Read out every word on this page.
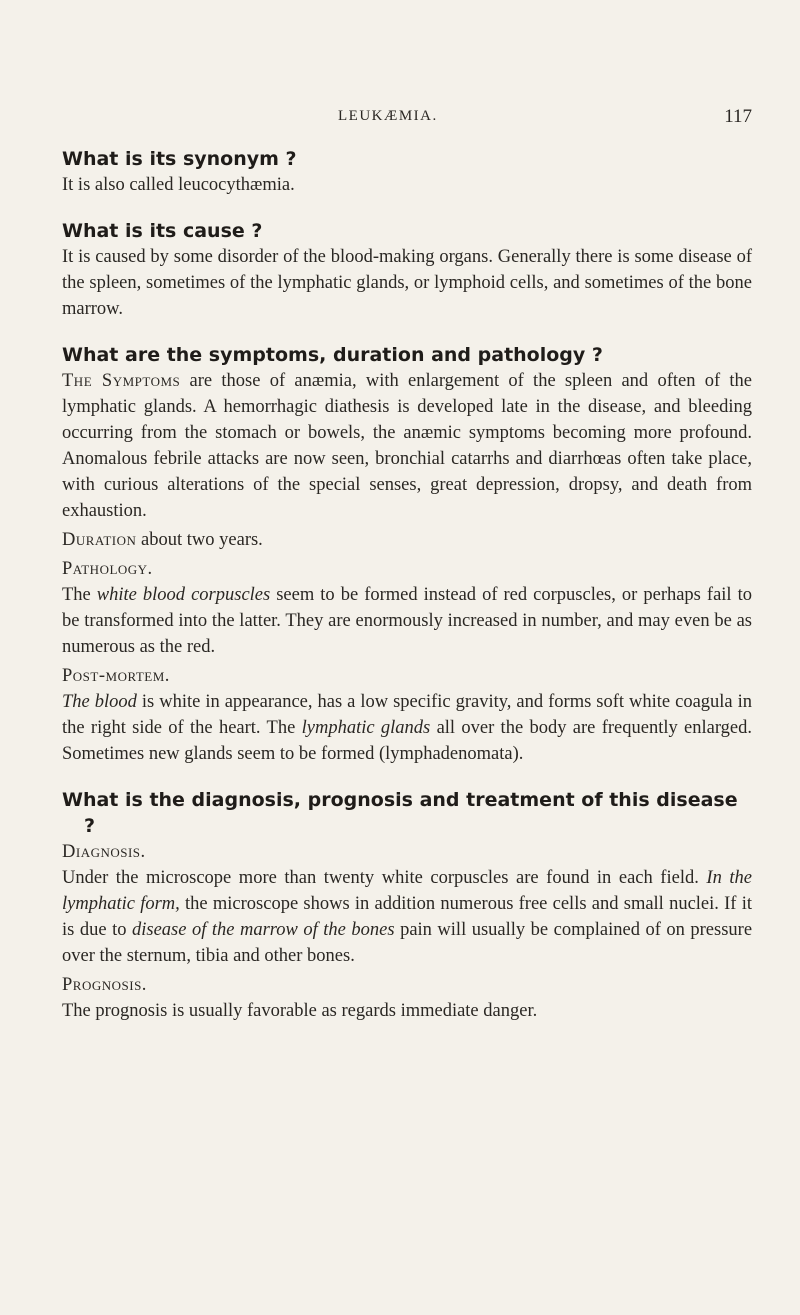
LEUKÆMIA.	117

What is its synonym ?

It is also called leucocythæmia.

What is its cause ?

It is caused by some disorder of the blood-making organs. Generally there is some disease of the spleen, sometimes of the lymphatic glands, or lymphoid cells, and sometimes of the bone marrow.

What are the symptoms, duration and pathology ?

The Symptoms are those of anæmia, with enlargement of the spleen and often of the lymphatic glands. A hemorrhagic diathesis is developed late in the disease, and bleeding occurring from the stomach or bowels, the anæmic symptoms becoming more profound. Anomalous febrile attacks are now seen, bronchial catarrhs and diarrhœas often take place, with curious alterations of the special senses, great depression, dropsy, and death from exhaustion.

Duration about two years.

Pathology.

The white blood corpuscles seem to be formed instead of red corpuscles, or perhaps fail to be transformed into the latter. They are enormously increased in number, and may even be as numerous as the red.

Post-mortem.

The blood is white in appearance, has a low specific gravity, and forms soft white coagula in the right side of the heart. The lymphatic glands all over the body are frequently enlarged. Sometimes new glands seem to be formed (lymphadenomata).

What is the diagnosis, prognosis and treatment of this disease ?

Diagnosis.

Under the microscope more than twenty white corpuscles are found in each field. In the lymphatic form, the microscope shows in addition numerous free cells and small nuclei. If it is due to disease of the marrow of the bones pain will usually be complained of on pressure over the sternum, tibia and other bones.

Prognosis.

The prognosis is usually favorable as regards immediate danger.
